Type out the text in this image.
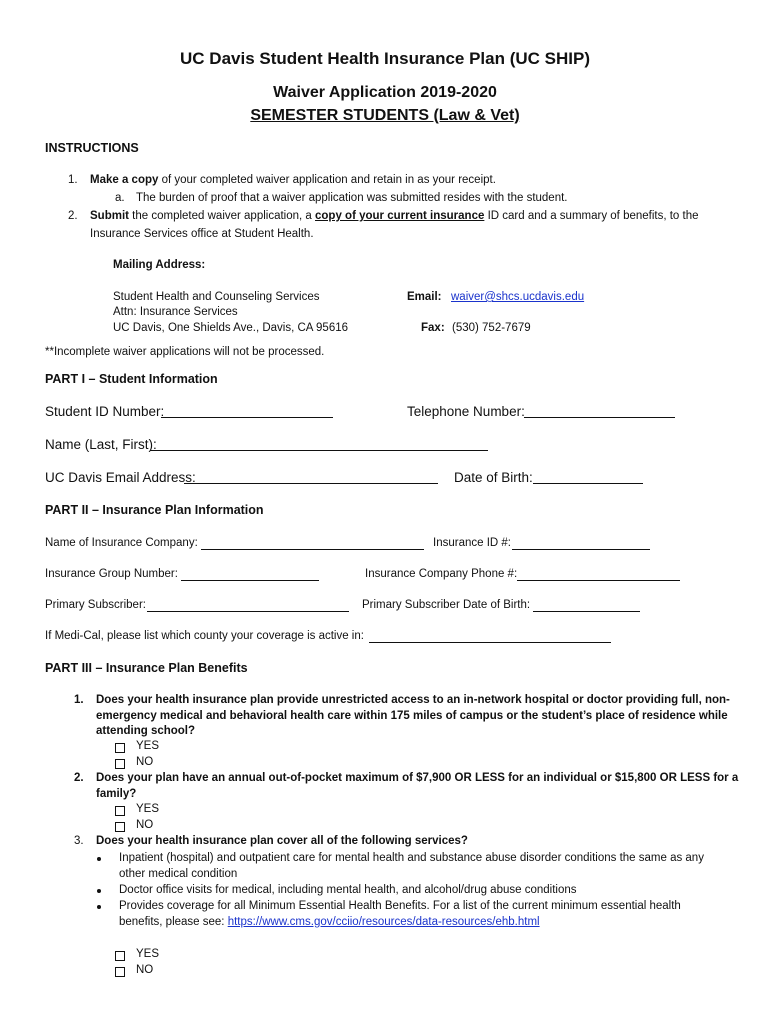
UC Davis Student Health Insurance Plan (UC SHIP)
Waiver Application 2019-2020
SEMESTER STUDENTS (Law & Vet)
INSTRUCTIONS
1. Make a copy of your completed waiver application and retain in as your receipt.
a. The burden of proof that a waiver application was submitted resides with the student.
2. Submit the completed waiver application, a copy of your current insurance ID card and a summary of benefits, to the
Insurance Services office at Student Health.
Mailing Address:
Student Health and Counseling Services
Attn: Insurance Services
UC Davis, One Shields Ave., Davis, CA 95616
Email: waiver@shcs.ucdavis.edu
Fax: (530) 752-7679
**Incomplete waiver applications will not be processed.
PART I – Student Information
Student ID Number:	Telephone Number:
Name (Last, First):
UC Davis Email Address:	Date of Birth:
PART II – Insurance Plan Information
Name of Insurance Company:	Insurance ID #:
Insurance Group Number:	Insurance Company Phone #:
Primary Subscriber:	Primary Subscriber Date of Birth:
If Medi-Cal, please list which county your coverage is active in:
PART III – Insurance Plan Benefits
1. Does your health insurance plan provide unrestricted access to an in-network hospital or doctor providing full, non-
emergency medical and behavioral health care within 175 miles of campus or the student’s place of residence while
attending school?
YES
NO
2. Does your plan have an annual out-of-pocket maximum of $7,900 OR LESS for an individual or $15,800 OR LESS for a
family?
YES
NO
3. Does your health insurance plan cover all of the following services?
Inpatient (hospital) and outpatient care for mental health and substance abuse disorder conditions the same as any
other medical condition
Doctor office visits for medical, including mental health, and alcohol/drug abuse conditions
Provides coverage for all Minimum Essential Health Benefits. For a list of the current minimum essential health
benefits, please see: https://www.cms.gov/cciio/resources/data-resources/ehb.html
YES
NO
